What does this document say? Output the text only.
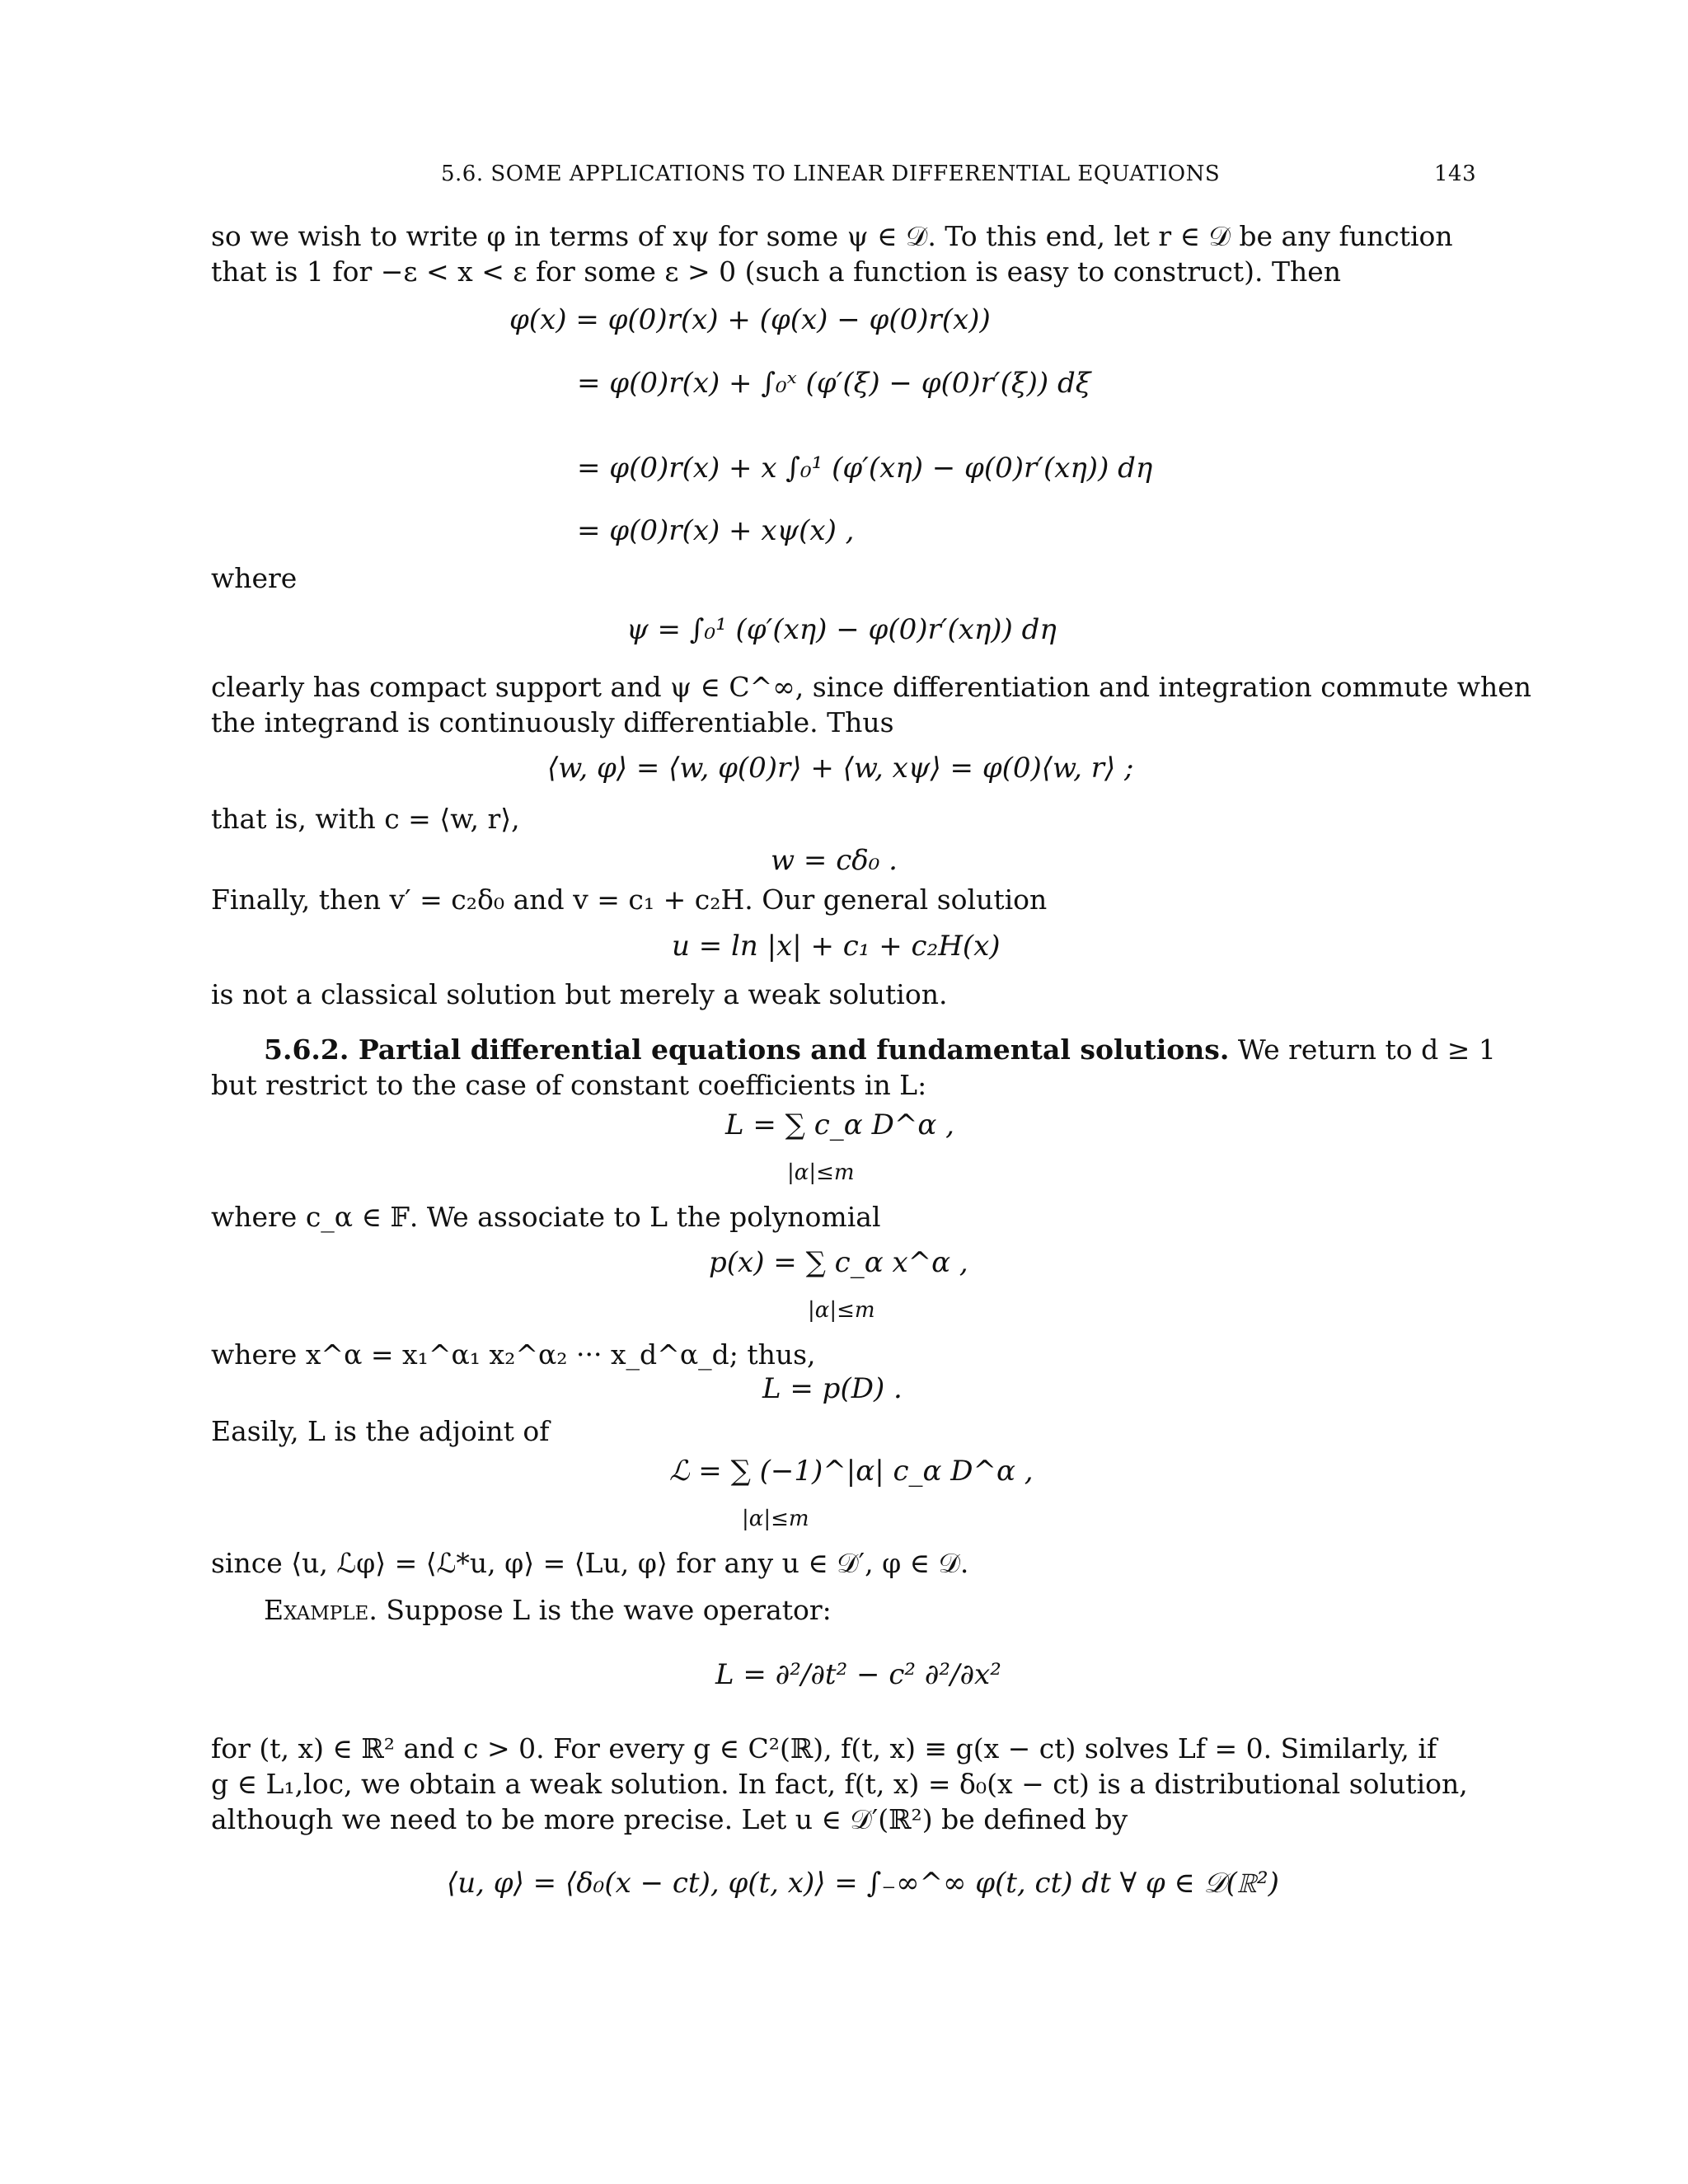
5.6. SOME APPLICATIONS TO LINEAR DIFFERENTIAL EQUATIONS	143

so we wish to write φ in terms of xψ for some ψ ∈ 𝒟. To this end, let r ∈ 𝒟 be any function

that is 1 for −ε < x < ε for some ε > 0 (such a function is easy to construct). Then

φ(x) = φ(0)r(x) + (φ(x) − φ(0)r(x))
= φ(0)r(x) + ∫₀ˣ (φ′(ξ) − φ(0)r′(ξ)) dξ
= φ(0)r(x) + x ∫₀¹ (φ′(xη) − φ(0)r′(xη)) dη
= φ(0)r(x) + xψ(x) ,

where

ψ = ∫₀¹ (φ′(xη) − φ(0)r′(xη)) dη

clearly has compact support and ψ ∈ C^∞, since differentiation and integration commute when

the integrand is continuously differentiable. Thus

⟨w, φ⟩ = ⟨w, φ(0)r⟩ + ⟨w, xψ⟩ = φ(0)⟨w, r⟩ ;

that is, with c = ⟨w, r⟩,

w = cδ₀ .

Finally, then v′ = c₂δ₀ and v = c₁ + c₂H. Our general solution

u = ln |x| + c₁ + c₂H(x)

is not a classical solution but merely a weak solution.

5.6.2. Partial differential equations and fundamental solutions. We return to d ≥ 1

but restrict to the case of constant coefficients in L:

L = ∑ c_α D^α ,
|α|≤m

where c_α ∈ 𝔽. We associate to L the polynomial

p(x) = ∑ c_α x^α ,
|α|≤m

where x^α = x₁^α₁ x₂^α₂ ··· x_d^α_d; thus,

L = p(D) .

Easily, L is the adjoint of

ℒ = ∑ (−1)^|α| c_α D^α ,
|α|≤m

since ⟨u, ℒφ⟩ = ⟨ℒ*u, φ⟩ = ⟨Lu, φ⟩ for any u ∈ 𝒟′, φ ∈ 𝒟.

Example. Suppose L is the wave operator:
L = ∂²/∂t² − c² ∂²/∂x²

for (t, x) ∈ ℝ² and c > 0. For every g ∈ C²(ℝ), f(t, x) ≡ g(x − ct) solves Lf = 0. Similarly, if

g ∈ L₁,loc, we obtain a weak solution. In fact, f(t, x) = δ₀(x − ct) is a distributional solution,

although we need to be more precise. Let u ∈ 𝒟′(ℝ²) be defined by

⟨u, φ⟩ = ⟨δ₀(x − ct), φ(t, x)⟩ = ∫₋∞^∞ φ(t, ct) dt ∀ φ ∈ 𝒟(ℝ²)
